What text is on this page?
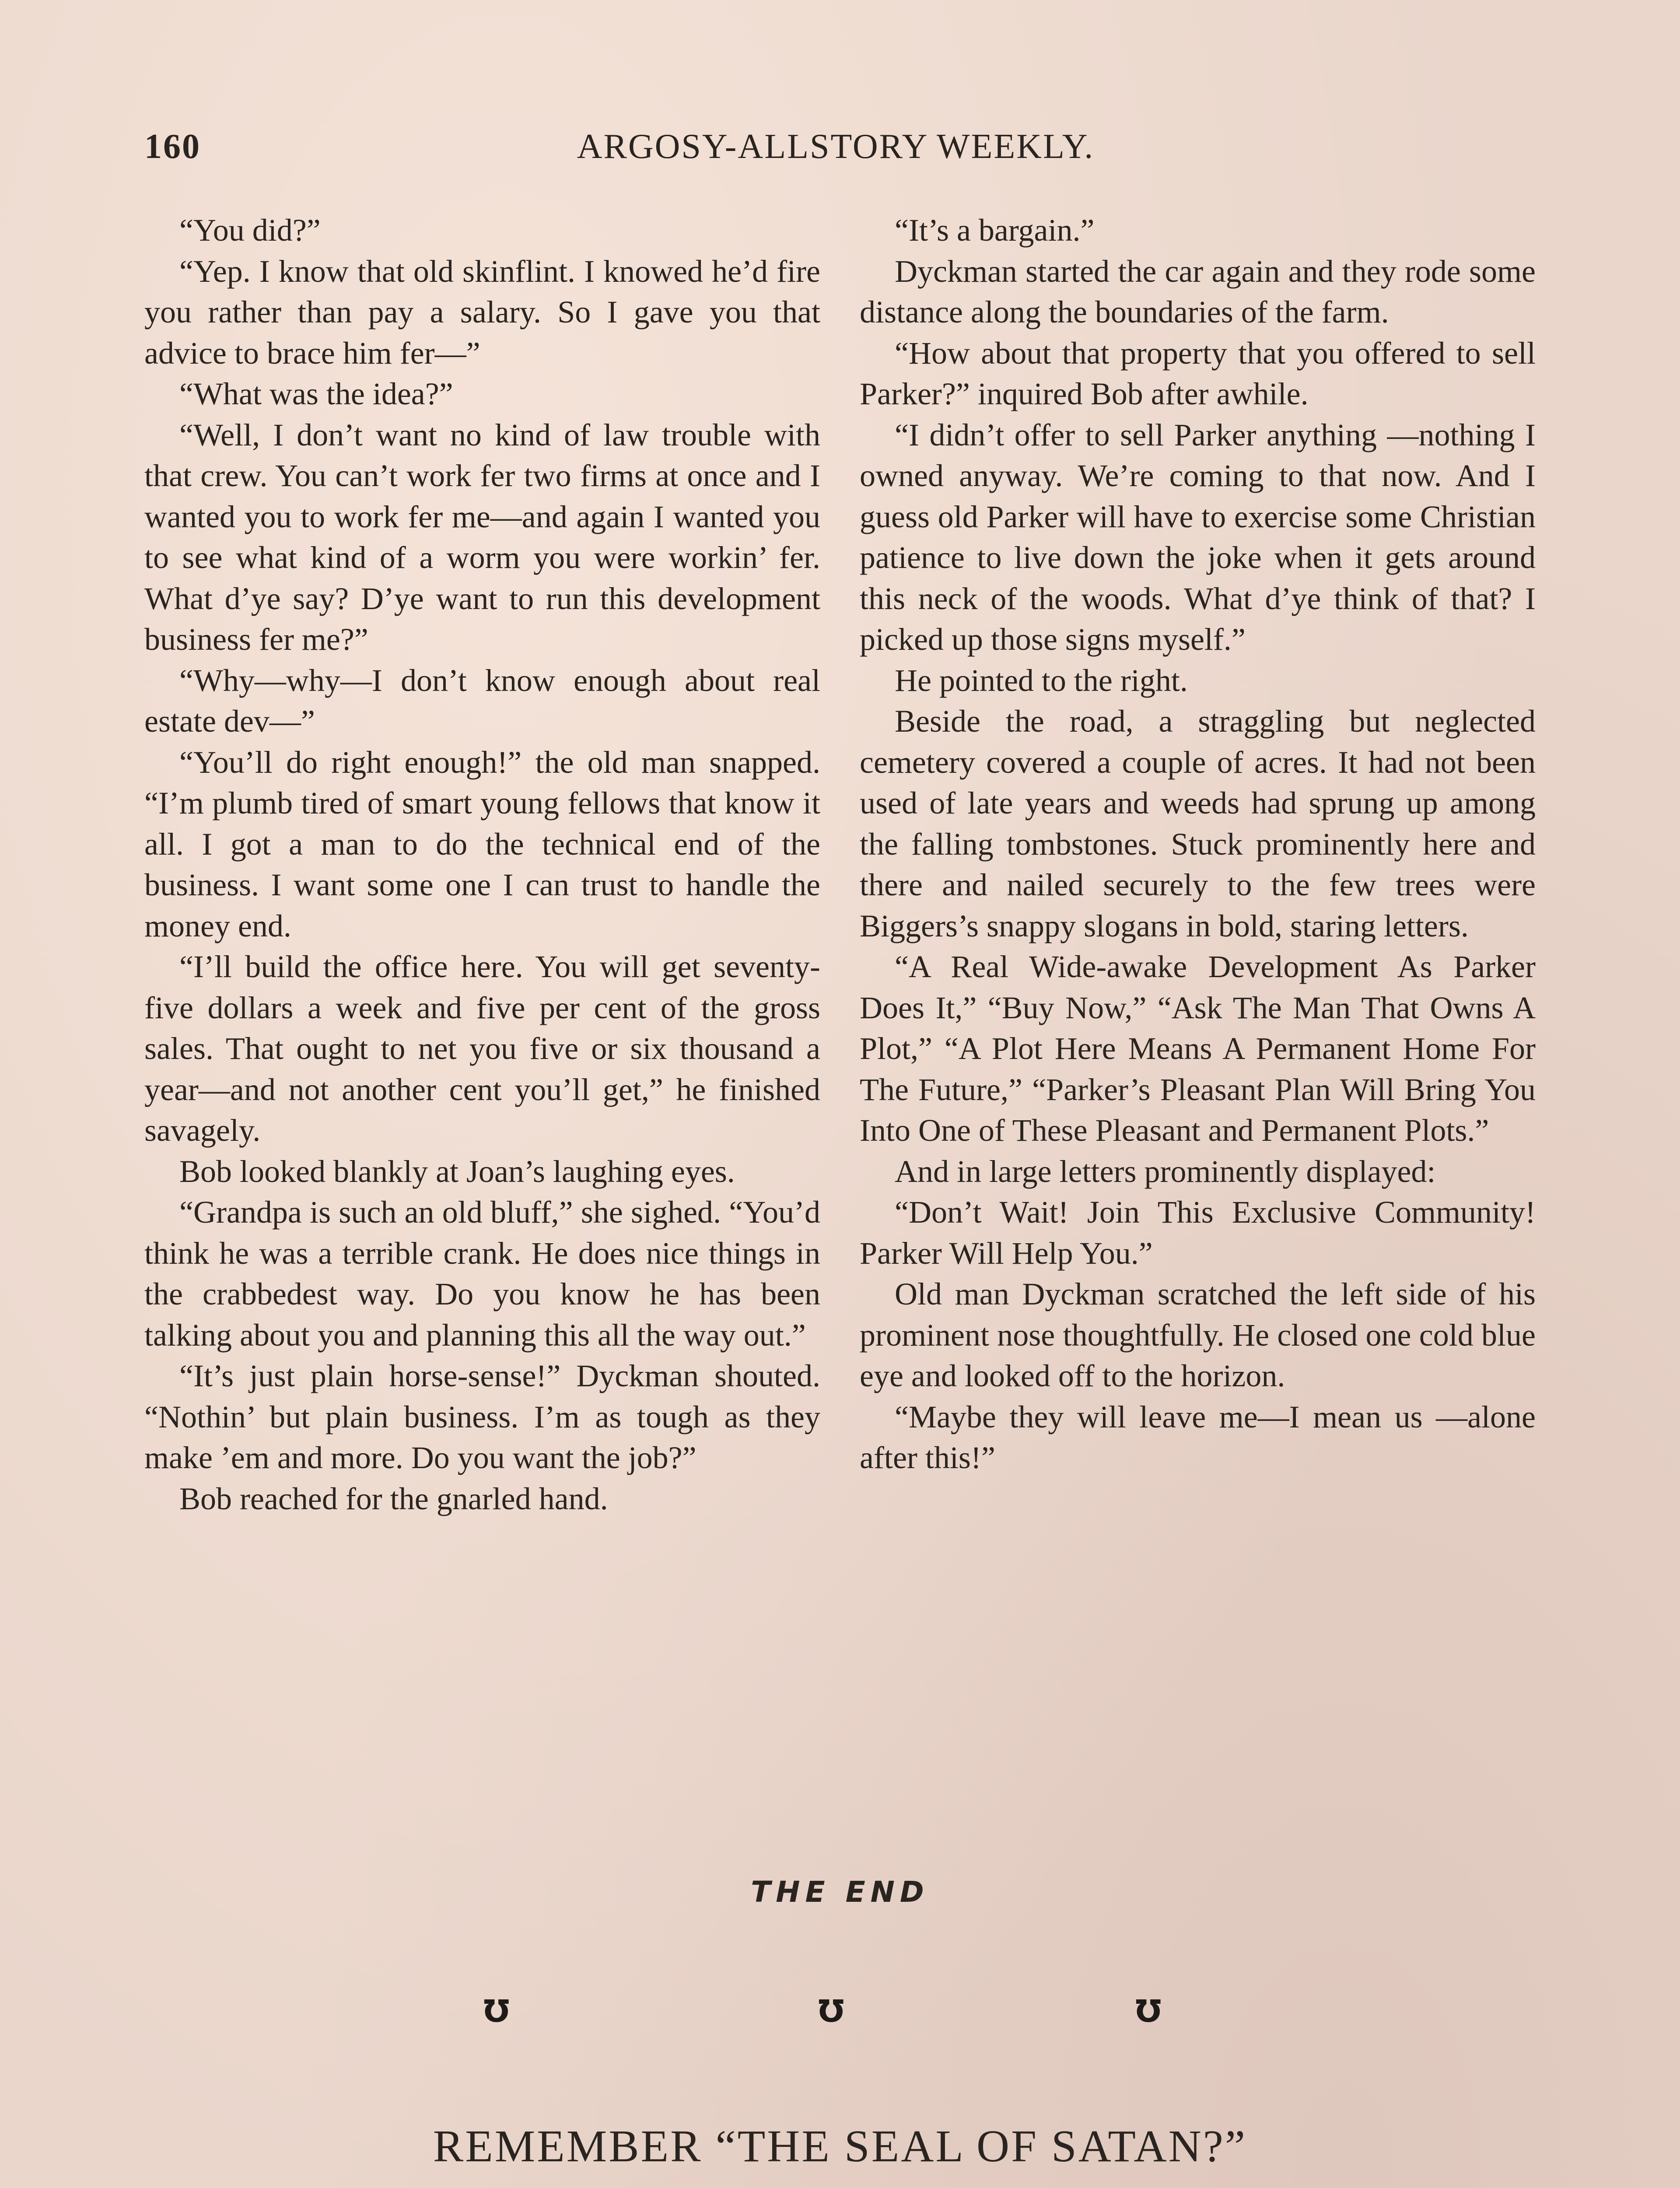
160	ARGOSY-ALLSTORY WEEKLY.

“You did?”

“Yep. I know that old skinflint. I knowed he’d fire you rather than pay a salary. So I gave you that advice to brace him fer—”

“What was the idea?”

“Well, I don’t want no kind of law trouble with that crew. You can’t work fer two firms at once and I wanted you to work fer me—and again I wanted you to see what kind of a worm you were workin’ fer. What d’ye say? D’ye want to run this development business fer me?”

“Why—why—I don’t know enough about real estate dev—”

“You’ll do right enough!” the old man snapped. “I’m plumb tired of smart young fellows that know it all. I got a man to do the technical end of the business. I want some one I can trust to handle the money end.

“I’ll build the office here. You will get seventy-five dollars a week and five per cent of the gross sales. That ought to net you five or six thousand a year—and not another cent you’ll get,” he finished savagely.

Bob looked blankly at Joan’s laughing eyes.

“Grandpa is such an old bluff,” she sighed. “You’d think he was a terrible crank. He does nice things in the crabbedest way. Do you know he has been talking about you and planning this all the way out.”

“It’s just plain horse-sense!” Dyckman shouted. “Nothin’ but plain business. I’m as tough as they make ’em and more. Do you want the job?”

Bob reached for the gnarled hand.

“It’s a bargain.”

Dyckman started the car again and they rode some distance along the boundaries of the farm.

“How about that property that you offered to sell Parker?” inquired Bob after awhile.

“I didn’t offer to sell Parker anything —nothing I owned anyway. We’re coming to that now. And I guess old Parker will have to exercise some Christian patience to live down the joke when it gets around this neck of the woods. What d’ye think of that? I picked up those signs myself.”

He pointed to the right.

Beside the road, a straggling but neglected cemetery covered a couple of acres. It had not been used of late years and weeds had sprung up among the falling tombstones. Stuck prominently here and there and nailed securely to the few trees were Biggers’s snappy slogans in bold, staring letters.

“A Real Wide-awake Development As Parker Does It,” “Buy Now,” “Ask The Man That Owns A Plot,” “A Plot Here Means A Permanent Home For The Future,” “Parker’s Pleasant Plan Will Bring You Into One of These Pleasant and Permanent Plots.”

And in large letters prominently displayed:

“Don’t Wait! Join This Exclusive Community! Parker Will Help You.”

Old man Dyckman scratched the left side of his prominent nose thoughtfully. He closed one cold blue eye and looked off to the horizon.

“Maybe they will leave me—I mean us —alone after this!”

THE END
℧	℧	℧
REMEMBER “THE SEAL OF SATAN?”
